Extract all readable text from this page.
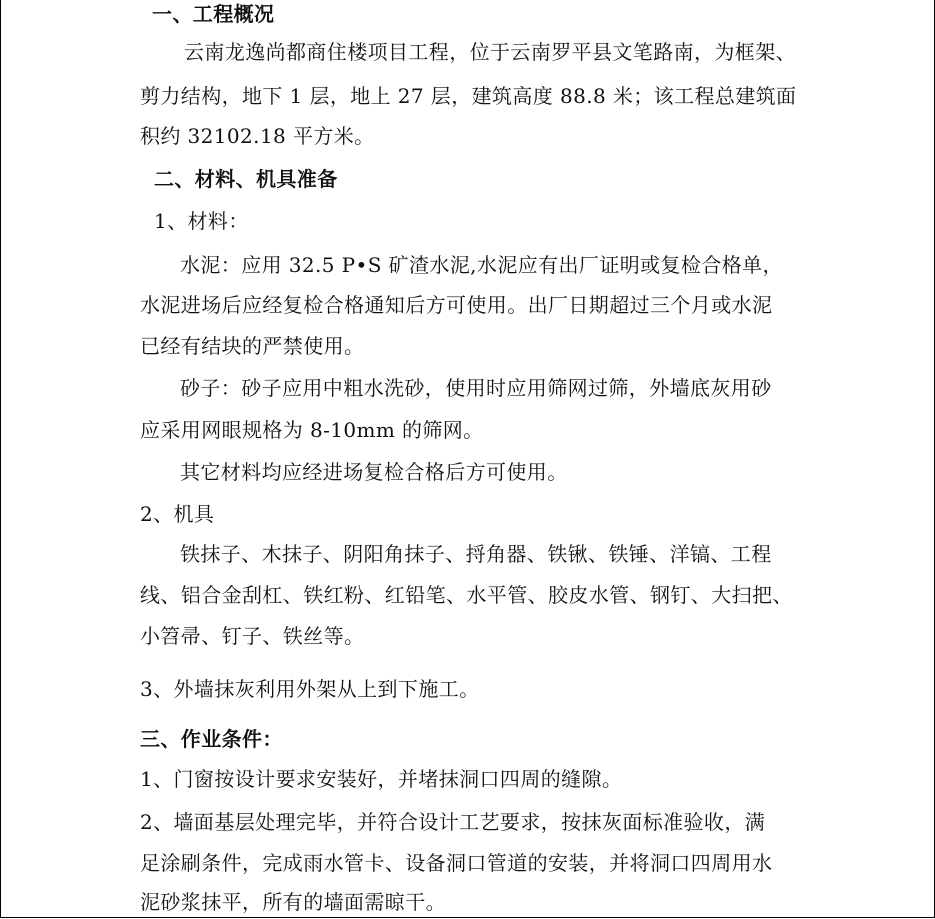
一、工程概况
云南龙逸尚都商住楼项目工程，位于云南罗平县文笔路南，为框架、
剪力结构，地下 1 层，地上 27 层，建筑高度 88.8 米；该工程总建筑面
积约 32102.18 平方米。
二、材料、机具准备
1、材料：
水泥：应用 32.5 P•S 矿渣水泥,水泥应有出厂证明或复检合格单，
水泥进场后应经复检合格通知后方可使用。出厂日期超过三个月或水泥
已经有结块的严禁使用。
砂子：砂子应用中粗水洗砂，使用时应用筛网过筛，外墙底灰用砂
应采用网眼规格为 8-10mm 的筛网。
其它材料均应经进场复检合格后方可使用。
2、机具
铁抹子、木抹子、阴阳角抹子、捋角器、铁锹、铁锤、洋镐、工程
线、铝合金刮杠、铁红粉、红铅笔、水平管、胶皮水管、钢钉、大扫把、
小笤帚、钉子、铁丝等。
3、外墙抹灰利用外架从上到下施工。
三、作业条件：
1、门窗按设计要求安装好，并堵抹洞口四周的缝隙。
2、墙面基层处理完毕，并符合设计工艺要求，按抹灰面标准验收，满
足涂刷条件，完成雨水管卡、设备洞口管道的安装，并将洞口四周用水
泥砂浆抹平，所有的墙面需晾干。
